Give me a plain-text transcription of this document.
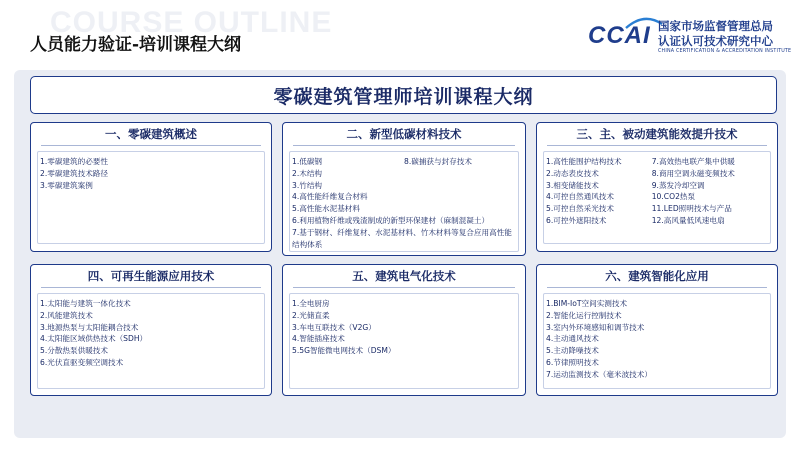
COURSE OUTLINE
人员能力验证-培训课程大纲	CCAI 国家市场监督管理总局
认证认可技术研究中心
CHINA CERTIFICATION & ACCREDITATION INSTITUTE
零碳建筑管理师培训课程大纲
一、零碳建筑概述
1.零碳建筑的必要性
2.零碳建筑技术路径
3.零碳建筑案例
二、新型低碳材料技术
1.低碳钢
2.木结构
3.竹结构
4.高性能纤维复合材料
5.高性能水泥基材料
8.碳捕获与封存技术
6.利用植物纤维或残渣制成的新型环保建材（麻制混凝土）
7.基于钢材、纤维复材、水泥基材料、竹木材料等复合应用高性能结构体系
三、主、被动建筑能效提升技术
1.高性能围护结构技术
2.动态表皮技术
3.相变储能技术
4.可控自然通风技术
5.可控自然采光技术
6.可控外遮阳技术
7.高效热电联产集中供暖
8.商用空调永磁变频技术
9.蒸发冷却空调
10.CO2热泵
11.LED照明技术与产品
12.高风量低风速电扇
四、可再生能源应用技术
1.太阳能与建筑一体化技术
2.风能建筑技术
3.地源热泵与太阳能耦合技术
4.太阳能区域供热技术（SDH）
5.分散热泵供暖技术
6.光伏直驱变频空调技术
五、建筑电气化技术
1.全电厨房
2.光储直柔
3.车电互联技术（V2G）
4.智能插座技术
5.5G智能微电网技术（DSM）
六、建筑智能化应用
1.BIM-IoT空间实测技术
2.智能化运行控制技术
3.室内外环境感知和调节技术
4.主动通风技术
5.主动降噪技术
6.节律照明技术
7.运动监测技术（毫米波技术）
